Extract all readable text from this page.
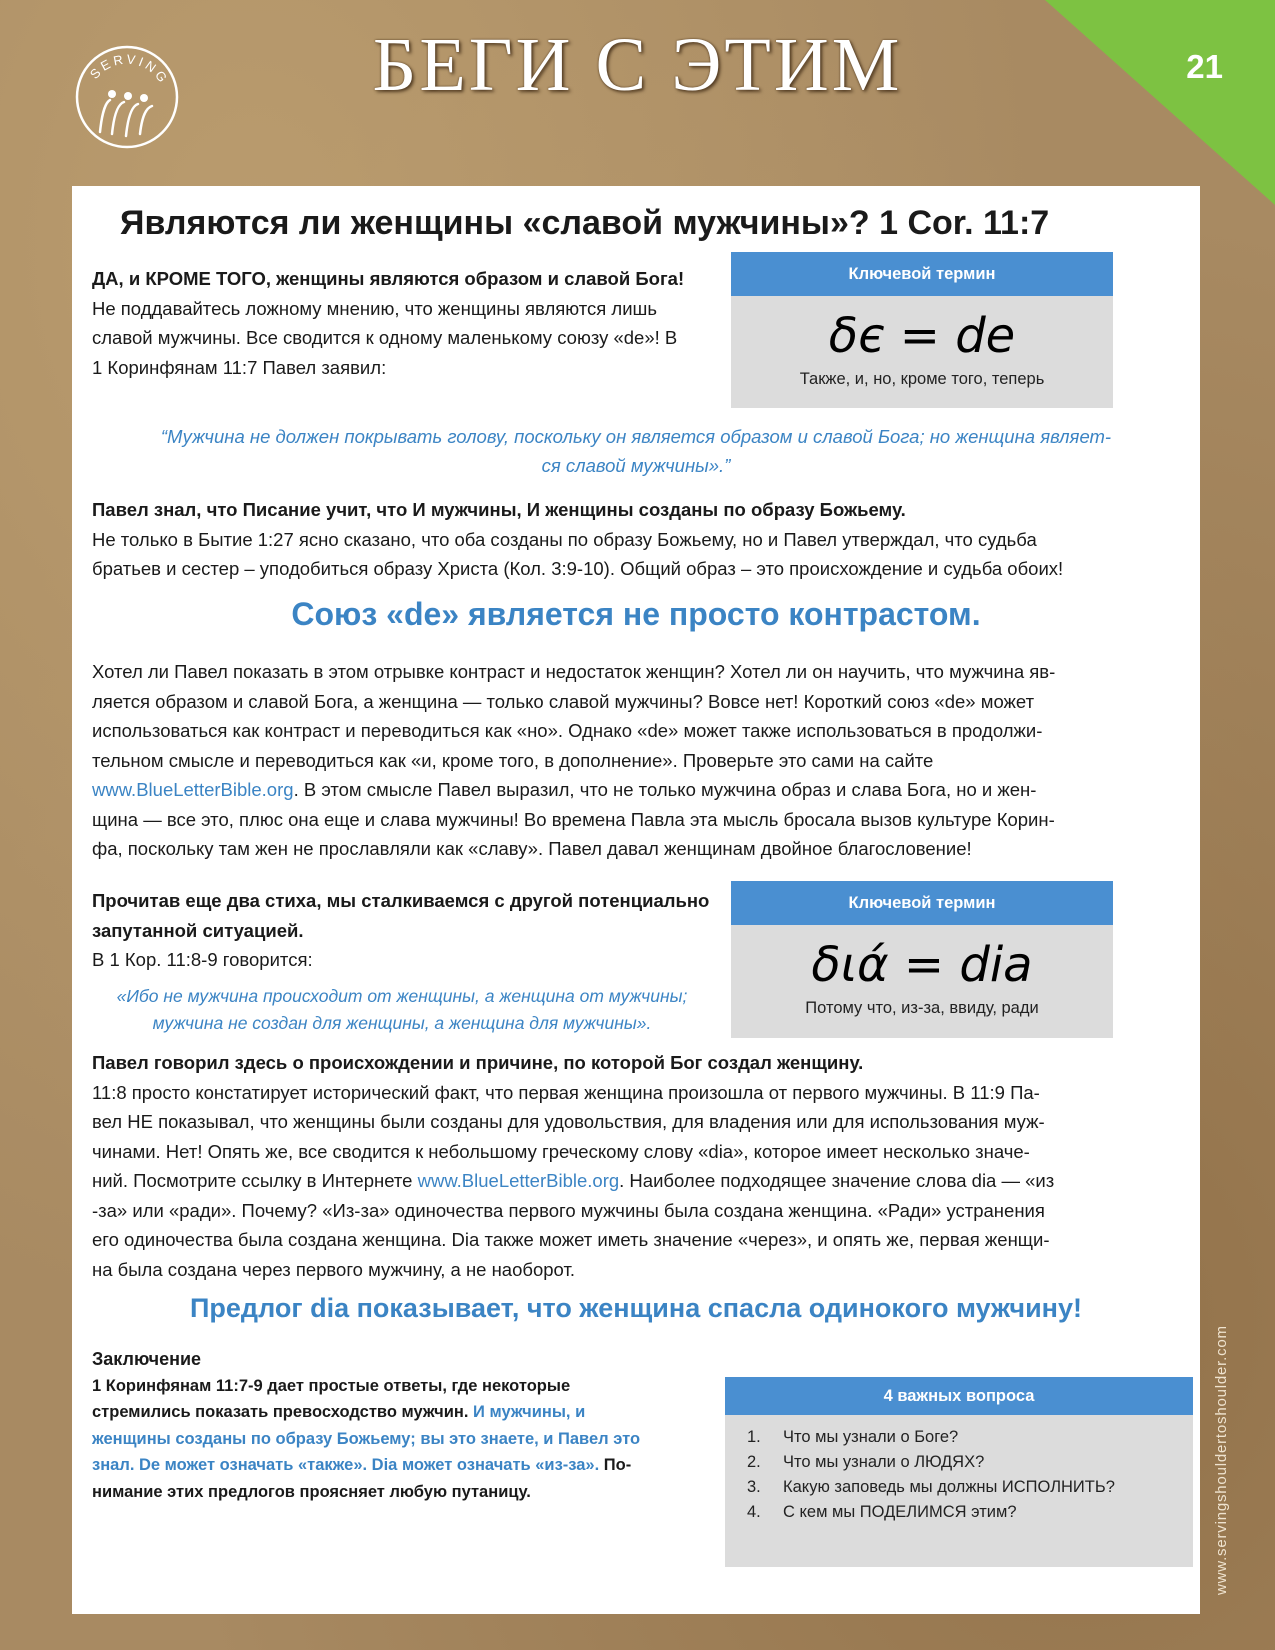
21
SERVING	БЕГИ С ЭТИМ
Являются ли женщины «славой мужчины»? 1 Cor. 11:7
ДА, и КРОМЕ ТОГО, женщины являются образом и славой Бога!
Не поддавайтесь ложному мнению, что женщины являются лишь
славой мужчины. Все сводится к одному маленькому союзу «de»! В
1 Коринфянам 11:7 Павел заявил:
Ключевой термин
δє = de
Также, и, но, кроме того, теперь
“Мужчина не должен покрывать голову, поскольку он является образом и славой Бога; но женщина являет-
ся славой мужчины».”
Павел знал, что Писание учит, что И мужчины, И женщины созданы по образу Божьему.
Не только в Бытие 1:27 ясно сказано, что оба созданы по образу Божьему, но и Павел утверждал, что судьба
братьев и сестер – уподобиться образу Христа (Кол. 3:9-10). Общий образ – это происхождение и судьба обоих!
Союз «de» является не просто контрастом.
Хотел ли Павел показать в этом отрывке контраст и недостаток женщин? Хотел ли он научить, что мужчина яв-
ляется образом и славой Бога, а женщина — только славой мужчины? Вовсе нет! Короткий союз «de» может
использоваться как контраст и переводиться как «но». Однако «de» может также использоваться в продолжи-
тельном смысле и переводиться как «и, кроме того, в дополнение». Проверьте это сами на сайте
www.BlueLetterBible.org. В этом смысле Павел выразил, что не только мужчина образ и слава Бога, но и жен-
щина — все это, плюс она еще и слава мужчины! Во времена Павла эта мысль бросала вызов культуре Корин-
фа, поскольку там жен не прославляли как «славу». Павел давал женщинам двойное благословение!
Прочитав еще два стиха, мы сталкиваемся с другой потенциально
запутанной ситуацией.
В 1 Кор. 11:8-9 говорится:
«Ибо не мужчина происходит от женщины, а женщина от мужчины;
мужчина не создан для женщины, а женщина для мужчины».
Ключевой термин
διά = dia
Потому что, из-за, ввиду, ради
Павел говорил здесь о происхождении и причине, по которой Бог создал женщину.
11:8 просто констатирует исторический факт, что первая женщина произошла от первого мужчины. В 11:9 Па-
вел НЕ показывал, что женщины были созданы для удовольствия, для владения или для использования муж-
чинами. Нет! Опять же, все сводится к небольшому греческому слову «dia», которое имеет несколько значе-
ний. Посмотрите ссылку в Интернете www.BlueLetterBible.org. Наиболее подходящее значение слова dia — «из
-за» или «ради». Почему? «Из-за» одиночества первого мужчины была создана женщина. «Ради» устранения
его одиночества была создана женщина. Dia также может иметь значение «через», и опять же, первая женщи-
на была создана через первого мужчину, а не наоборот.
Предлог dia показывает, что женщина спасла одинокого мужчину!
Заключение
1 Коринфянам 11:7-9 дает простые ответы, где некоторые
стремились показать превосходство мужчин. И мужчины, и
женщины созданы по образу Божьему; вы это знаете, и Павел это
знал. De может означать «также». Dia может означать «из-за». По-
нимание этих предлогов проясняет любую путаницу.
4 важных вопроса
1. Что мы узнали о Боге?
2. Что мы узнали о ЛЮДЯХ?
3. Какую заповедь мы должны ИСПОЛНИТЬ?
4. С кем мы ПОДЕЛИМСЯ этим?	www.servingshouldertoshoulder.com
